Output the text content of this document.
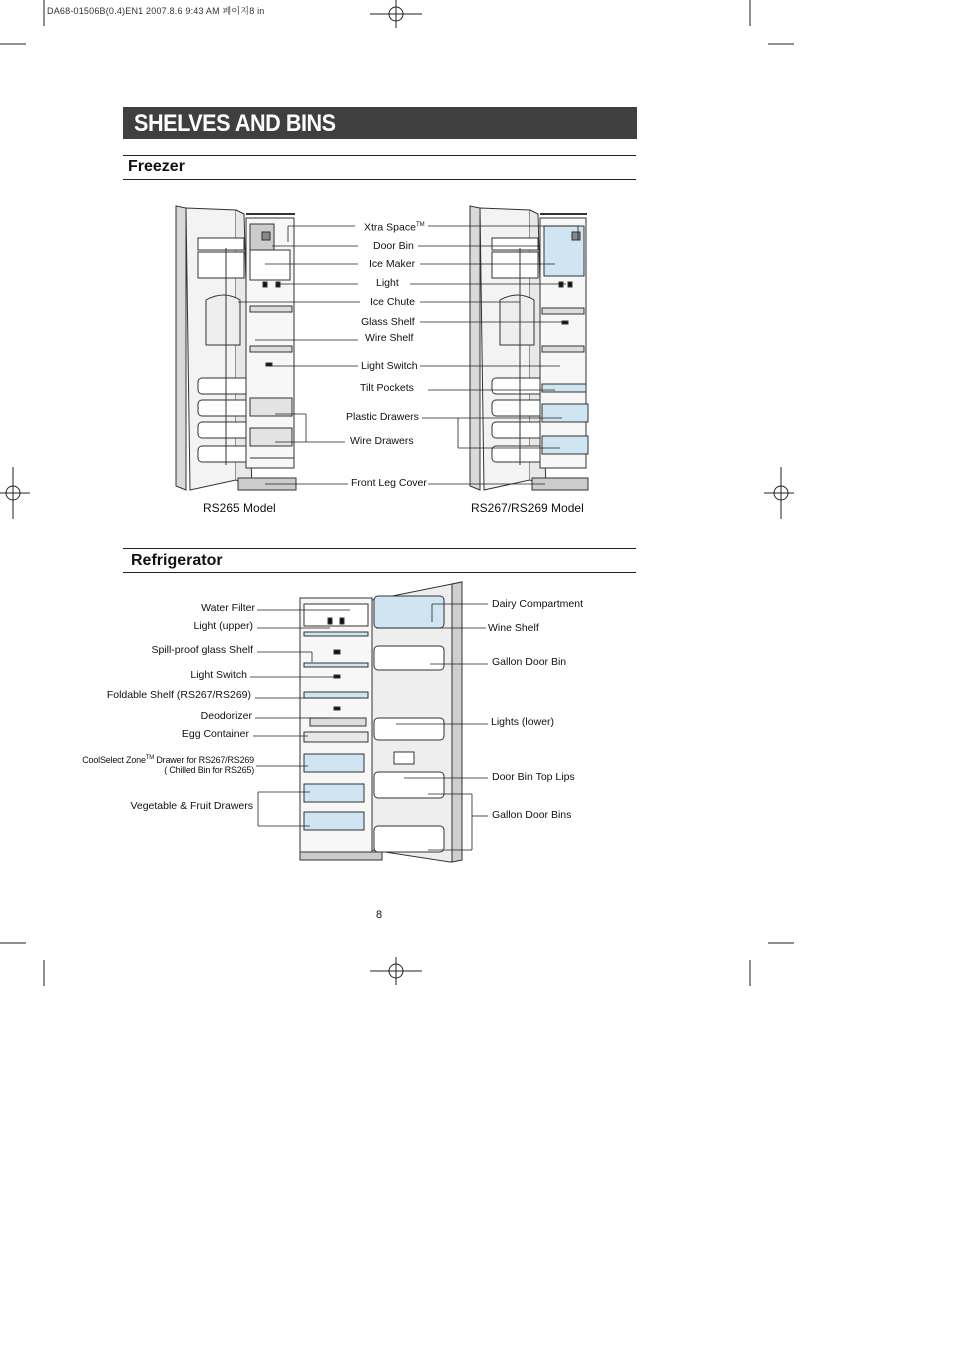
DA68-01506B(0.4)EN1 2007.8.6 9:43 AM 페이지8 in
SHELVES AND BINS
Freezer
Xtra Space™
Door Bin
Ice Maker
Light
Ice Chute
Glass Shelf
Wire Shelf
Light Switch
Tilt Pockets
Plastic Drawers
Wire Drawers
Front Leg Cover
RS265 Model	RS267/RS269 Model
Refrigerator
Water Filter
Light (upper)
Spill-proof glass Shelf
Light Switch
Foldable Shelf (RS267/RS269)
Deodorizer
Egg Container
CoolSelect Zone™ Drawer for RS267/RS269
( Chilled Bin for RS265)
Vegetable & Fruit Drawers
Dairy Compartment
Wine Shelf
Gallon Door Bin
Lights (lower)
Door Bin Top Lips
Gallon Door Bins
8
